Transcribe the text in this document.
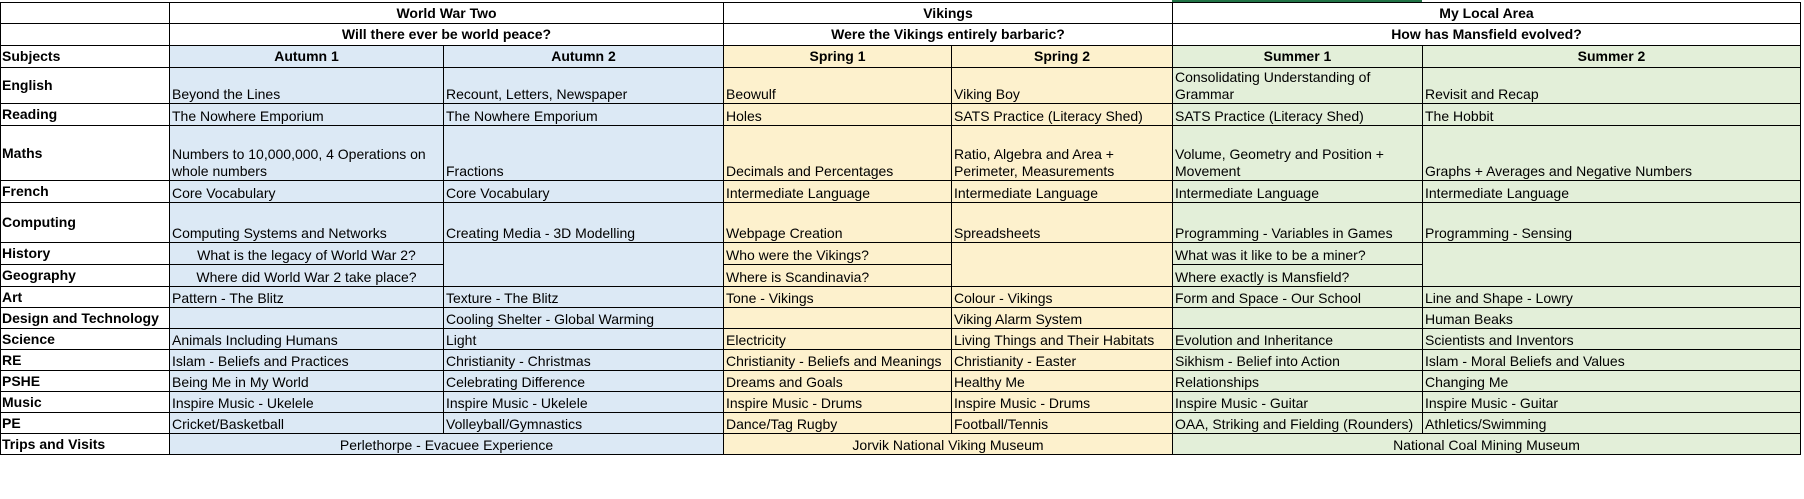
	World War Two		Vikings		My Local Area	
	Will there ever be world peace?		Were the Vikings entirely barbaric?		How has Mansfield evolved?	
Subjects	Autumn 1	Autumn 2	Spring 1	Spring 2	Summer 1	Summer 2
English	Beyond the Lines	Recount, Letters, Newspaper	Beowulf	Viking Boy	Consolidating Understanding of Grammar	Revisit and Recap
Reading	The Nowhere Emporium	The Nowhere Emporium	Holes	SATS Practice (Literacy Shed)	SATS Practice (Literacy Shed)	The Hobbit
Maths	Numbers to 10,000,000, 4 Operations on whole numbers	Fractions	Decimals and Percentages	Ratio, Algebra and Area + Perimeter, Measurements	Volume, Geometry and Position + Movement	Graphs + Averages and Negative Numbers
French	Core Vocabulary	Core Vocabulary	Intermediate Language	Intermediate Language	Intermediate Language	Intermediate Language
Computing	Computing Systems and Networks	Creating Media - 3D Modelling	Webpage Creation	Spreadsheets	Programming - Variables in Games	Programming - Sensing
History	What is the legacy of World War 2?		Who were the Vikings?		What was it like to be a miner?	
Geography	Where did World War 2 take place?		Where is Scandinavia?		Where exactly is Mansfield?	
Art	Pattern - The Blitz	Texture - The Blitz	Tone - Vikings	Colour - Vikings	Form and Space - Our School	Line and Shape - Lowry
Design and Technology		Cooling Shelter - Global Warming		Viking Alarm System		Human Beaks
Science	Animals Including Humans	Light	Electricity	Living Things and Their Habitats	Evolution and Inheritance	Scientists and Inventors
RE	Islam - Beliefs and Practices	Christianity - Christmas	Christianity - Beliefs and Meanings	Christianity - Easter	Sikhism - Belief into Action	Islam - Moral Beliefs and Values
PSHE	Being Me in My World	Celebrating Difference	Dreams and Goals	Healthy Me	Relationships	Changing Me
Music	Inspire Music - Ukelele	Inspire Music - Ukelele	Inspire Music - Drums	Inspire Music - Drums	Inspire Music - Guitar	Inspire Music - Guitar
PE	Cricket/Basketball	Volleyball/Gymnastics	Dance/Tag Rugby	Football/Tennis	OAA, Striking and Fielding (Rounders)	Athletics/Swimming
Trips and Visits	Perlethorpe - Evacuee Experience		Jorvik National Viking Museum		National Coal Mining Museum	
